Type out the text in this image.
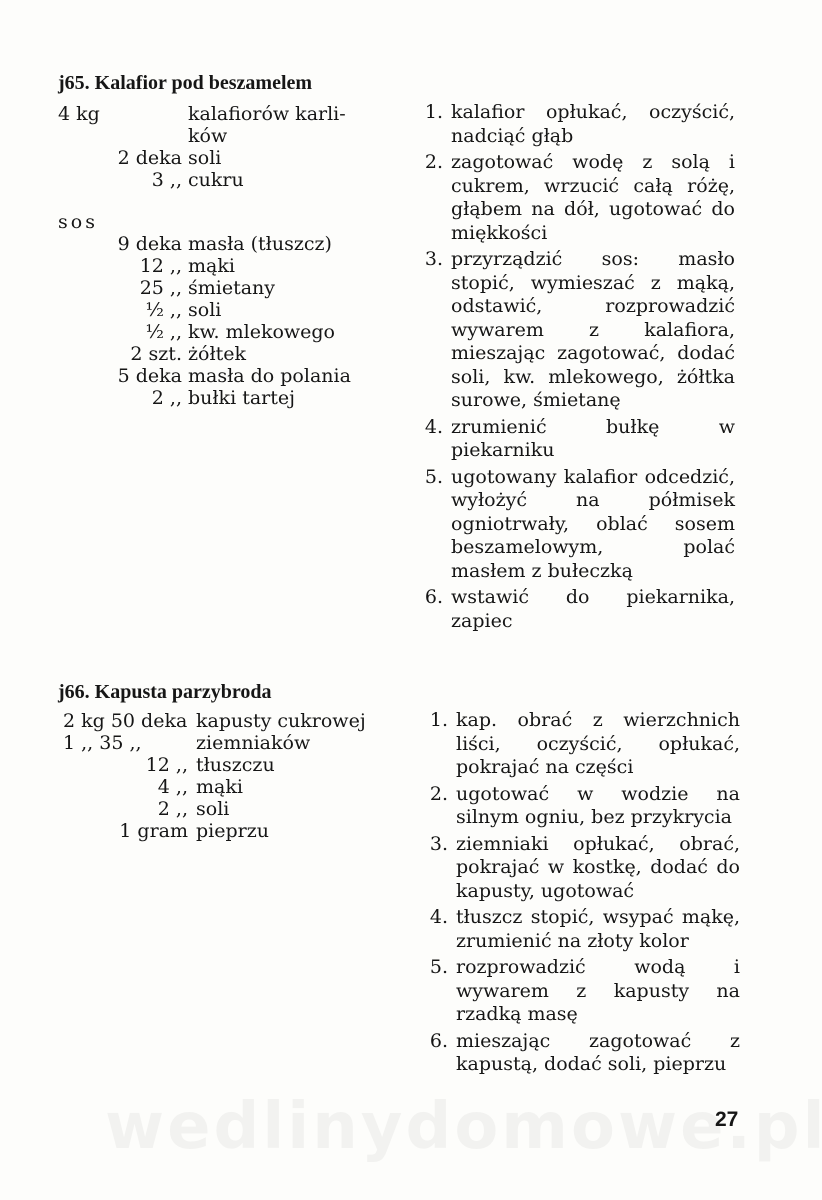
j65. Kalafior pod beszamelem
4 kg	kalafiorów karli-
ków
2 deka soli
3 ,, cukru
sos
9 deka masła (tłuszcz)
12 ,, mąki
25 ,, śmietany
½ ,, soli
½ ,, kw. mlekowego
2 szt. żółtek
5 deka masła do polania
2 ,, bułki tartej
1. kalafior opłukać, oczyścić, nadciąć głąb
2. zagotować wodę z solą i cukrem, wrzucić całą różę, głąbem na dół, ugotować do miękkości
3. przyrządzić sos: masło stopić, wymieszać z mąką, odstawić, rozprowadzić wywarem z kalafiora, mieszając zagotować, dodać soli, kw. mlekowego, żółtka surowe, śmietanę
4. zrumienić bułkę w piekarniku
5. ugotowany kalafior odcedzić, wyłożyć na półmisek ogniotrwały, oblać sosem beszamelowym, polać masłem z bułeczką
6. wstawić do piekarnika, zapiec
j66. Kapusta parzybroda
2 kg 50 deka kapusty cukrowej
1 ,, 35 ,,	ziemniaków
12 ,, tłuszczu
4 ,, mąki
2 ,, soli
1 gram pieprzu
1. kap. obrać z wierzchnich liści, oczyścić, opłukać, pokrajać na części
2. ugotować w wodzie na silnym ogniu, bez przykrycia
3. ziemniaki opłukać, obrać, pokrajać w kostkę, dodać do kapusty, ugotować
4. tłuszcz stopić, wsypać mąkę, zrumienić na złoty kolor
5. rozprowadzić wodą i wywarem z kapusty na rzadką masę
6. mieszając zagotować z kapustą, dodać soli, pieprzu
27
